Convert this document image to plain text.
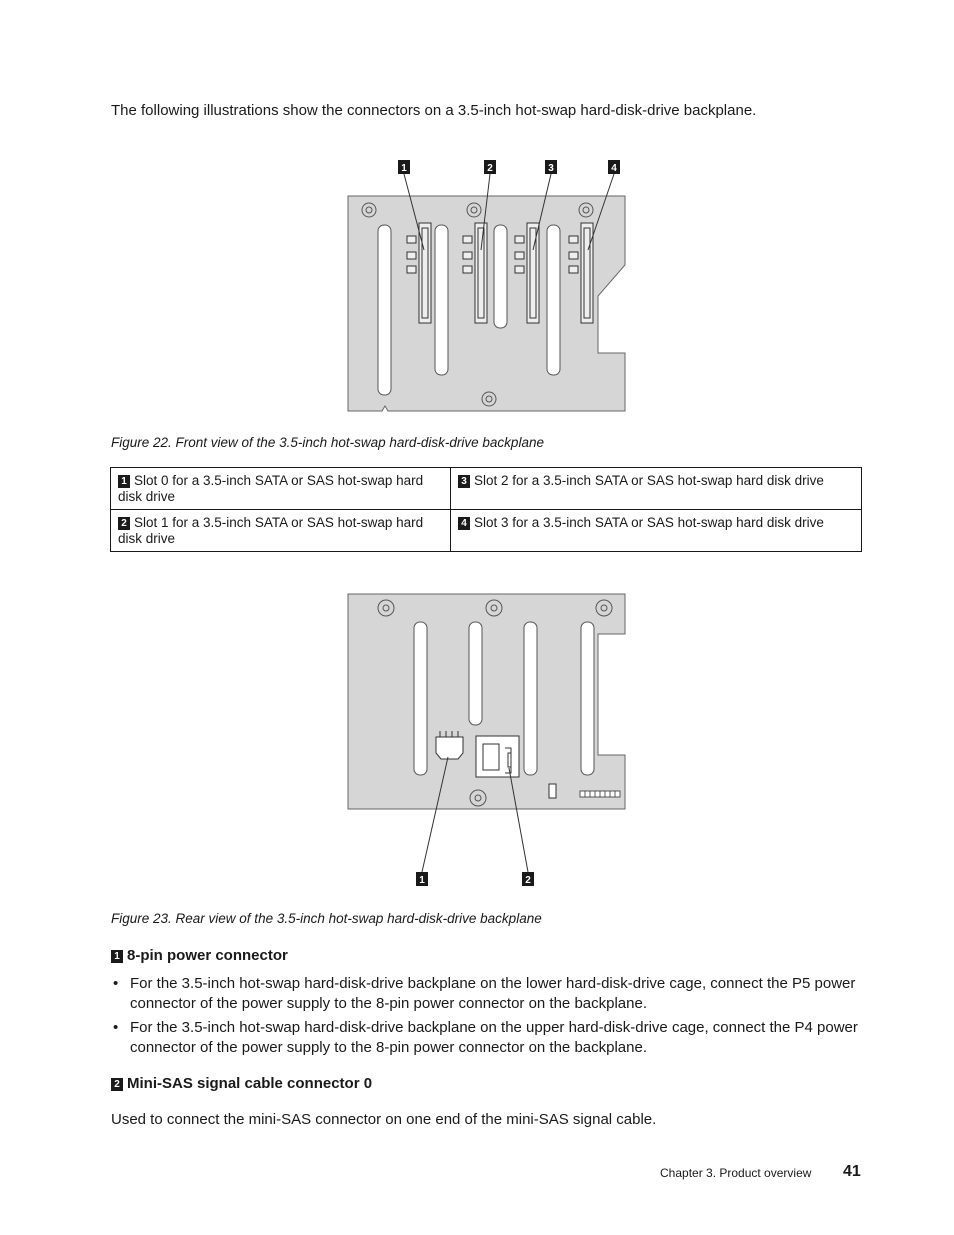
The following illustrations show the connectors on a 3.5-inch hot-swap hard-disk-drive backplane.
1	2	3	4
Figure 22. Front view of the 3.5-inch hot-swap hard-disk-drive backplane
1 Slot 0 for a 3.5-inch SATA or SAS hot-swap hard disk drive	3 Slot 2 for a 3.5-inch SATA or SAS hot-swap hard disk drive
2 Slot 1 for a 3.5-inch SATA or SAS hot-swap hard disk drive	4 Slot 3 for a 3.5-inch SATA or SAS hot-swap hard disk drive
1	2
Figure 23. Rear view of the 3.5-inch hot-swap hard-disk-drive backplane
1 8-pin power connector
• For the 3.5-inch hot-swap hard-disk-drive backplane on the lower hard-disk-drive cage, connect the P5 power connector of the power supply to the 8-pin power connector on the backplane.
• For the 3.5-inch hot-swap hard-disk-drive backplane on the upper hard-disk-drive cage, connect the P4 power connector of the power supply to the 8-pin power connector on the backplane.
2 Mini-SAS signal cable connector 0
Used to connect the mini-SAS connector on one end of the mini-SAS signal cable.
Chapter 3. Product overview 41
